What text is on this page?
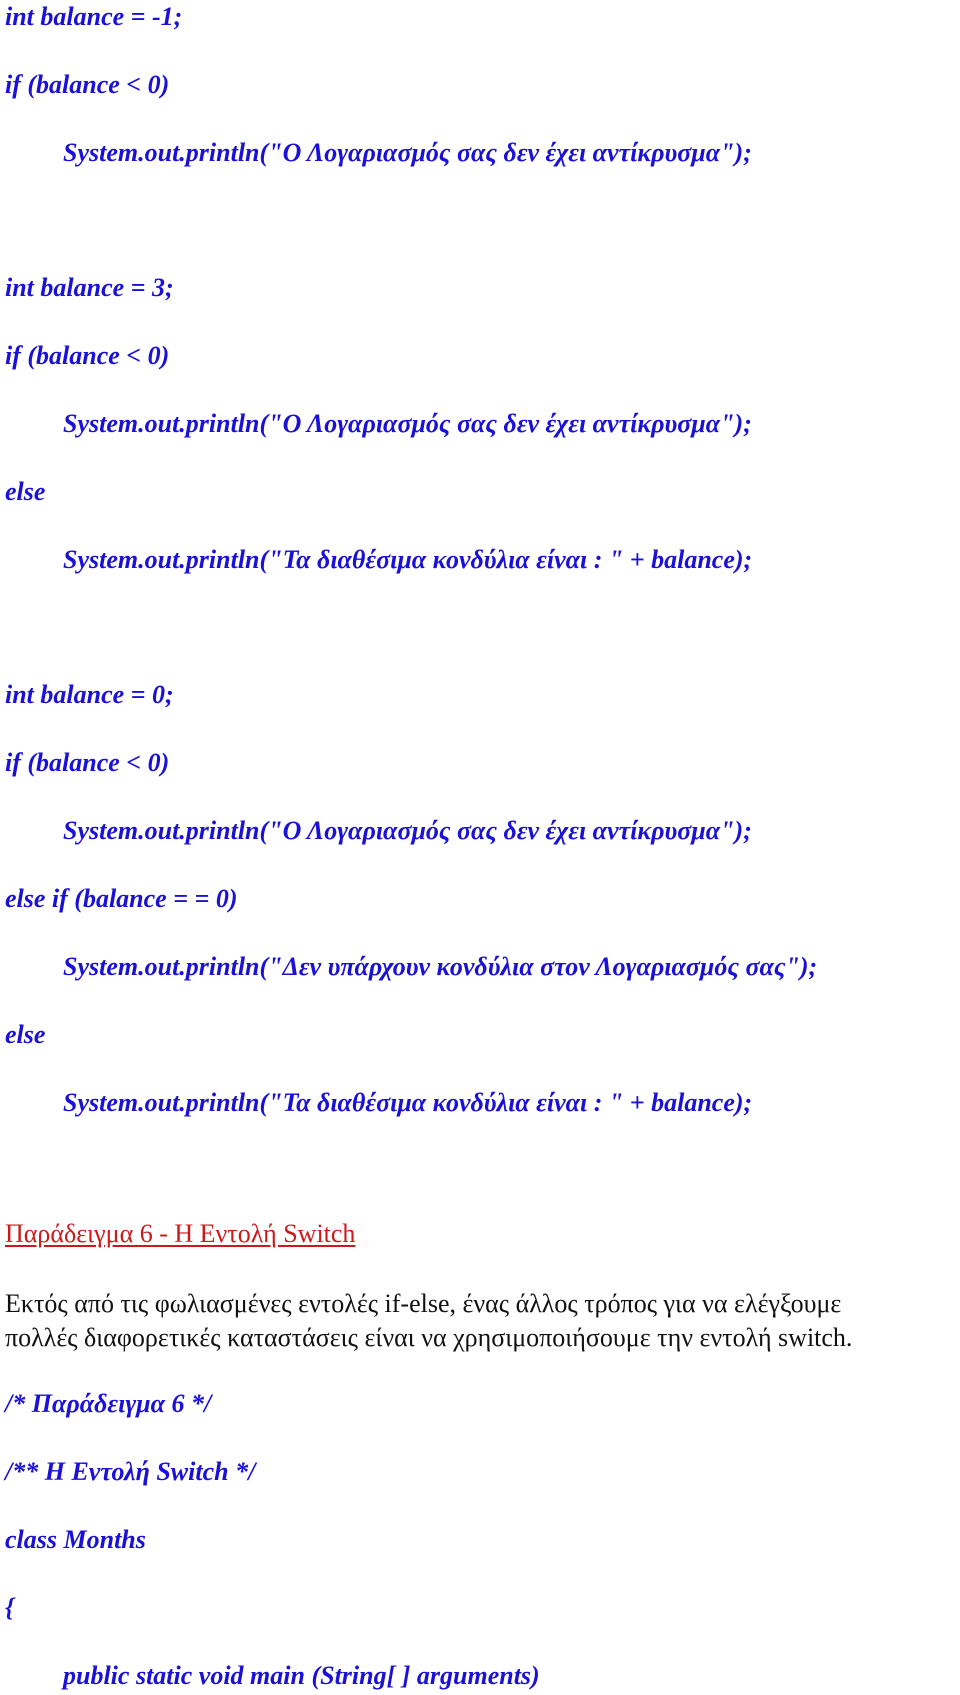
int balance = -1;

if (balance < 0)

System.out.println("Ο Λογαριασμός σας δεν έχει αντίκρυσμα");

int balance = 3;

if (balance < 0)

System.out.println("Ο Λογαριασμός σας δεν έχει αντίκρυσμα");

else

System.out.println("Τα διαθέσιμα κονδύλια είναι : " + balance);

int balance = 0;

if (balance < 0)

System.out.println("Ο Λογαριασμός σας δεν έχει αντίκρυσμα");

else if (balance = = 0)

System.out.println("Δεν υπάρχουν κονδύλια στον Λογαριασμός σας");

else

System.out.println("Τα διαθέσιμα κονδύλια είναι : " + balance);

Παράδειγμα 6 - Η Εντολή Switch

Εκτός από τις φωλιασμένες εντολές if-else, ένας άλλος τρόπος για να ελέγξουμε
πολλές διαφορετικές καταστάσεις είναι να χρησιμοποιήσουμε την εντολή switch.

/* Παράδειγμα 6 */

/** Η Εντολή Switch */

class Months

{

public static void main (String[ ] arguments)
